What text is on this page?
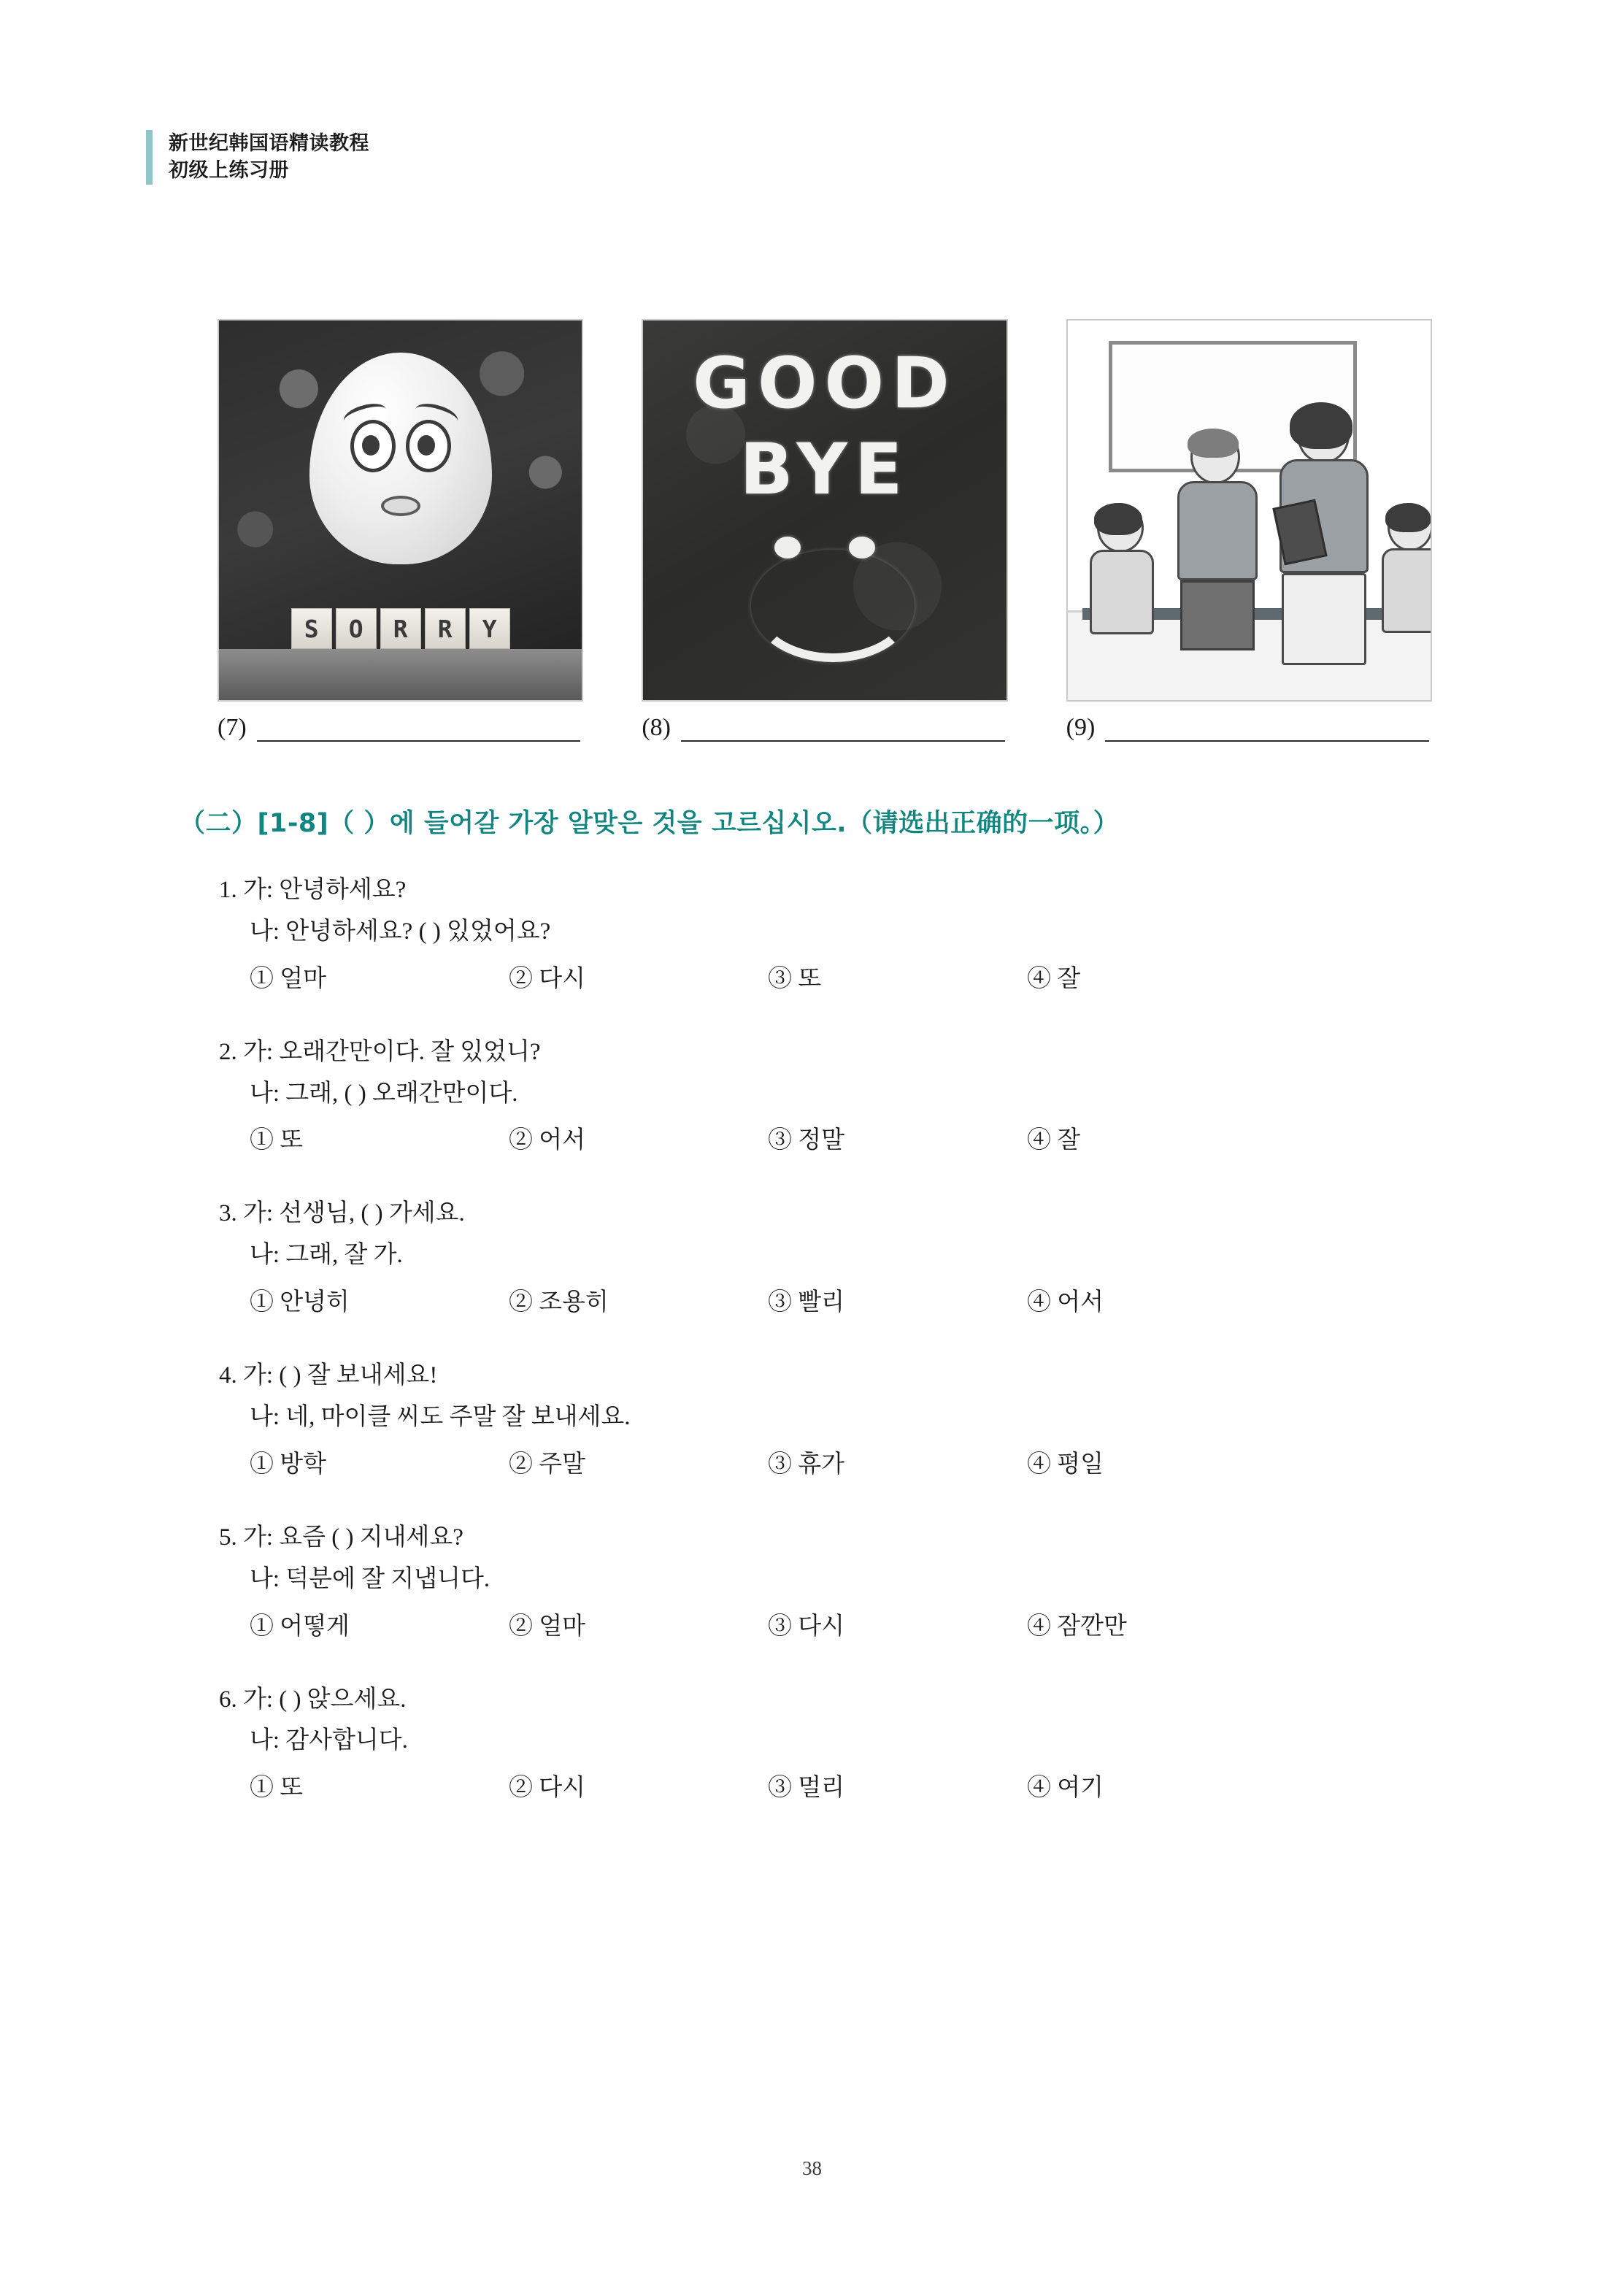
新世纪韩国语精读教程
初级上练习册
S	O	R	R	Y
GOOD
BYE
(7)	(8)	(9)
（二）[1-8]（ ）에 들어갈 가장 알맞은 것을 고르십시오.（请选出正确的一项。）
1. 가: 안녕하세요?
나: 안녕하세요? ( ) 있었어요?
① 얼마	② 다시	③ 또	④ 잘
2. 가: 오래간만이다. 잘 있었니?
나: 그래, ( ) 오래간만이다.
① 또	② 어서	③ 정말	④ 잘
3. 가: 선생님, ( ) 가세요.
나: 그래, 잘 가.
① 안녕히	② 조용히	③ 빨리	④ 어서
4. 가: ( ) 잘 보내세요!
나: 네, 마이클 씨도 주말 잘 보내세요.
① 방학	② 주말	③ 휴가	④ 평일
5. 가: 요즘 ( ) 지내세요?
나: 덕분에 잘 지냅니다.
① 어떻게	② 얼마	③ 다시	④ 잠깐만
6. 가: ( ) 앉으세요.
나: 감사합니다.
① 또	② 다시	③ 멀리	④ 여기
38
